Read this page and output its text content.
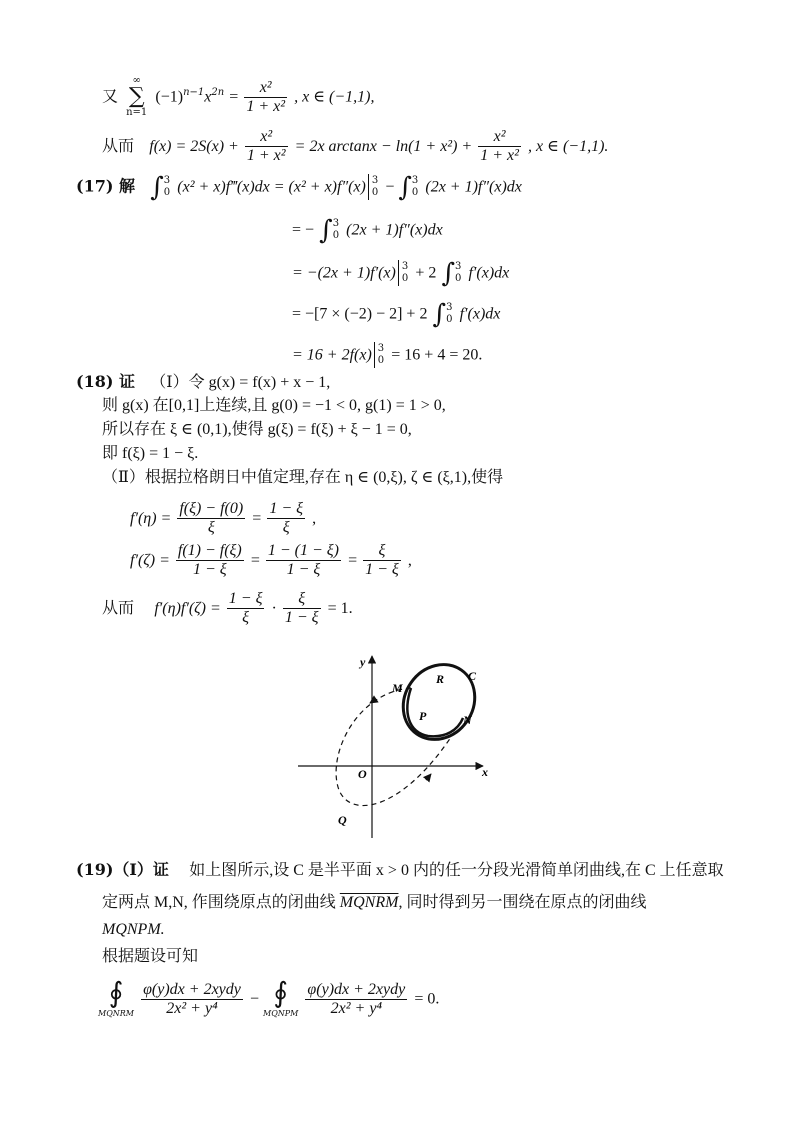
又
∞
∑
n=1
$(-1)^{n-1}x^{2n} = \frac{\text{x²}}{\text{1 + x²}}$ , x ∈ (−1,1),
从而 $f(x) = 2S(x) + \frac{\text{x²}}{\text{1 + x²}} = 2x$ $\arctan x - \ln(1 + x^2) + \frac{\text{x²}}{\text{1 + x²}}$ , x ∈ (−1,1).
(17) 解 ∫ 3
0 (x² + x)f‴(x)dx = (x² + x)f″(x) 3
0 − ∫ 3
0 (2x + 1)f″(x)dx
= − ∫ 3
0 (2x + 1)f″(x)dx
= −(2x + 1)f′(x) 3
0 + 2 ∫ 3
0 f′(x)dx
= −[7 × (−2) − 2] + 2 ∫ 3
0 f′(x)dx
= 16 + 2f(x) 3
0 = 16 + 4 = 20.
(18) 证 （Ⅰ）令 g(x) = f(x) + x − 1,
则 g(x) 在[0,1]上连续,且 g(0) = −1 < 0, g(1) = 1 > 0,
所以存在 ξ ∈ (0,1),使得 g(ξ) = f(ξ) + ξ − 1 = 0,
即 f(ξ) = 1 − ξ.
（Ⅱ）根据拉格朗日中值定理,存在 η ∈ (0,ξ), ζ ∈ (ξ,1),使得
$f'(\eta) = \frac{f(\xi) - f(0)}{\xi} = \frac{1 - \xi}{\xi}$ ,
$f'(\zeta) = \frac{f(1) - f(\xi)}{1 - \xi} = \frac{1 - (1 - \xi)}{1 - \xi} = \frac{\xi}{1 - \xi}$ ,
从而 $f'(\eta)f'(\zeta) = \frac{1 - \xi}{\xi} \cdot \frac{\xi}{1 - \xi} = 1$.
x
y
O
M
R C
P	N
Q
(19)（Ⅰ）证 如上图所示,设 C 是半平面 x > 0 内的任一分段光滑简单闭曲线,在 C 上任意取
定两点 M,N, 作围绕原点的闭曲线 MQNRM, 同时得到另一围绕在原点的闭曲线
MQNPM.
根据题设可知
∮
MQNRM
$\frac{\text{φ(y)dx + 2xydy}}{\text{2x² + y⁴}}$ − ∮
MQNPM
$\frac{\text{φ(y)dx + 2xydy}}{\text{2x² + y⁴}} = 0$.
